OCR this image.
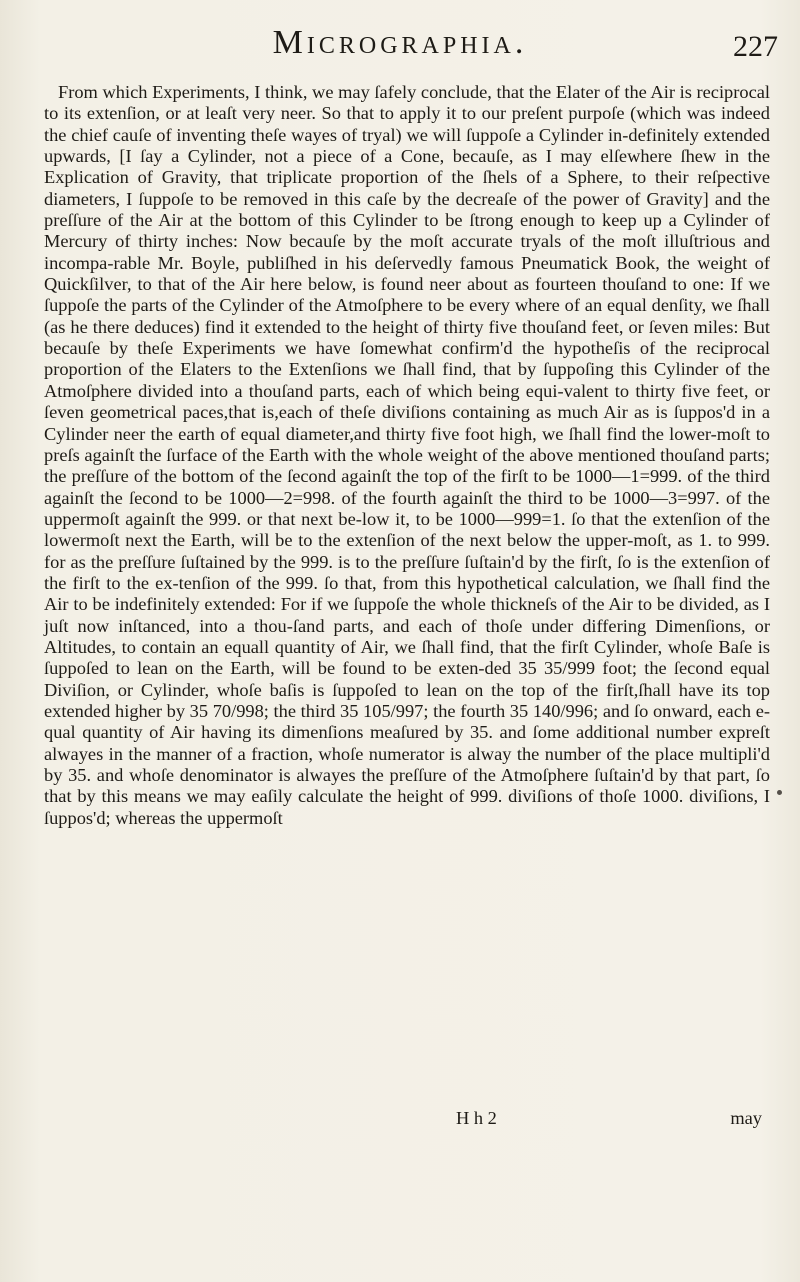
Micrographia.	227

From which Experiments, I think, we may ſafely conclude, that the Elater of the Air is reciprocal to its extenſion, or at leaſt very neer. So that to apply it to our preſent purpoſe (which was indeed the chief cauſe of inventing theſe wayes of tryal) we will ſuppoſe a Cylinder in-definitely extended upwards, [I ſay a Cylinder, not a piece of a Cone, becauſe, as I may elſewhere ſhew in the Explication of Gravity, that triplicate proportion of the ſhels of a Sphere, to their reſpective diameters, I ſuppoſe to be removed in this caſe by the decreaſe of the power of Gravity] and the preſſure of the Air at the bottom of this Cylinder to be ſtrong enough to keep up a Cylinder of Mercury of thirty inches: Now becauſe by the moſt accurate tryals of the moſt illuſtrious and incompa-rable Mr. Boyle, publiſhed in his deſervedly famous Pneumatick Book, the weight of Quickſilver, to that of the Air here below, is found neer about as fourteen thouſand to one: If we ſuppoſe the parts of the Cylinder of the Atmoſphere to be every where of an equal denſity, we ſhall (as he there deduces) find it extended to the height of thirty five thouſand feet, or ſeven miles: But becauſe by theſe Experiments we have ſomewhat confirm'd the hypotheſis of the reciprocal proportion of the Elaters to the Extenſions we ſhall find, that by ſuppoſing this Cylinder of the Atmoſphere divided into a thouſand parts, each of which being equi-valent to thirty five feet, or ſeven geometrical paces,that is,each of theſe diviſions containing as much Air as is ſuppos'd in a Cylinder neer the earth of equal diameter,and thirty five foot high, we ſhall find the lower-moſt to preſs againſt the ſurface of the Earth with the whole weight of the above mentioned thouſand parts; the preſſure of the bottom of the ſecond againſt the top of the firſt to be 1000—1=999. of the third againſt the ſecond to be 1000—2=998. of the fourth againſt the third to be 1000—3=997. of the uppermoſt againſt the 999. or that next be-low it, to be 1000—999=1. ſo that the extenſion of the lowermoſt next the Earth, will be to the extenſion of the next below the upper-moſt, as 1. to 999. for as the preſſure ſuſtained by the 999. is to the preſſure ſuſtain'd by the firſt, ſo is the extenſion of the firſt to the ex-tenſion of the 999. ſo that, from this hypothetical calculation, we ſhall find the Air to be indefinitely extended: For if we ſuppoſe the whole thickneſs of the Air to be divided, as I juſt now inſtanced, into a thou-ſand parts, and each of thoſe under differing Dimenſions, or Altitudes, to contain an equall quantity of Air, we ſhall find, that the firſt Cylinder, whoſe Baſe is ſuppoſed to lean on the Earth, will be found to be exten-ded 35 35/999 foot; the ſecond equal Diviſion, or Cylinder, whoſe baſis is ſuppoſed to lean on the top of the firſt,ſhall have its top extended higher by 35 70/998; the third 35 105/997; the fourth 35 140/996; and ſo onward, each e-qual quantity of Air having its dimenſions meaſured by 35. and ſome additional number expreſt alwayes in the manner of a fraction, whoſe numerator is alway the number of the place multipli'd by 35. and whoſe denominator is alwayes the preſſure of the Atmoſphere ſuſtain'd by that part, ſo that by this means we may eaſily calculate the height of 999. diviſions of thoſe 1000. diviſions, I ſuppos'd; whereas the uppermoſt

H h 2	may
